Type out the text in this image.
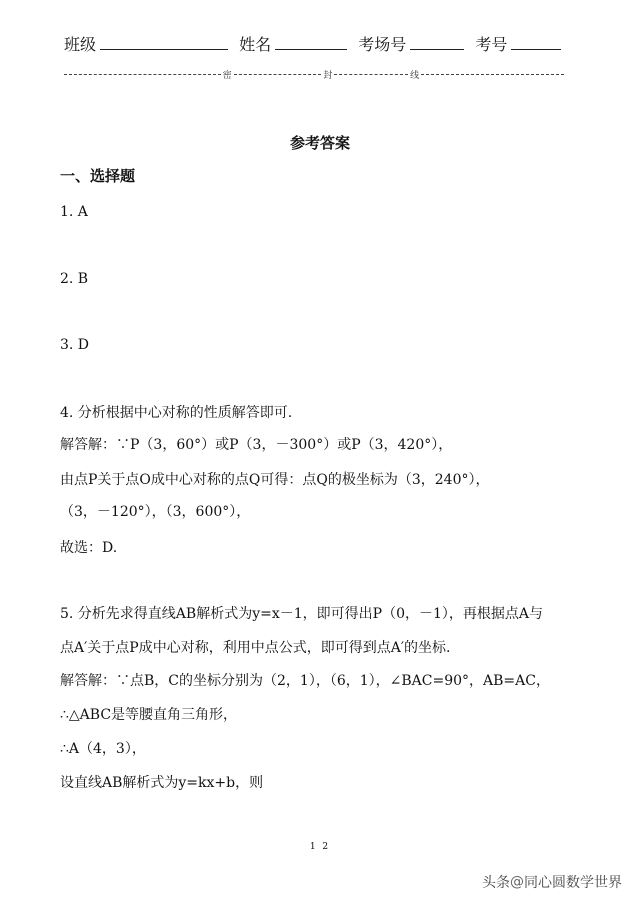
班级	姓名	考场号	考号
密	封	线
参考答案
一、选择题
1. A
2. B
3. D
4. 分析根据中心对称的性质解答即可.
解答解：∵P（3，60°）或P（3，－300°）或P（3，420°），
由点P关于点O成中心对称的点Q可得：点Q的极坐标为（3，240°），
（3，－120°），（3，600°），
故选：D.
5. 分析先求得直线AB解析式为y=x－1，即可得出P（0，－1），再根据点A与
点A′关于点P成中心对称，利用中点公式，即可得到点A′的坐标.
解答解：∵点B，C的坐标分别为（2，1），（6，1），∠BAC=90°，AB=AC，
∴△ABC是等腰直角三角形，
∴A（4，3），
设直线AB解析式为y=kx+b，则
1 2
头条 @ 同心圆数学世界
